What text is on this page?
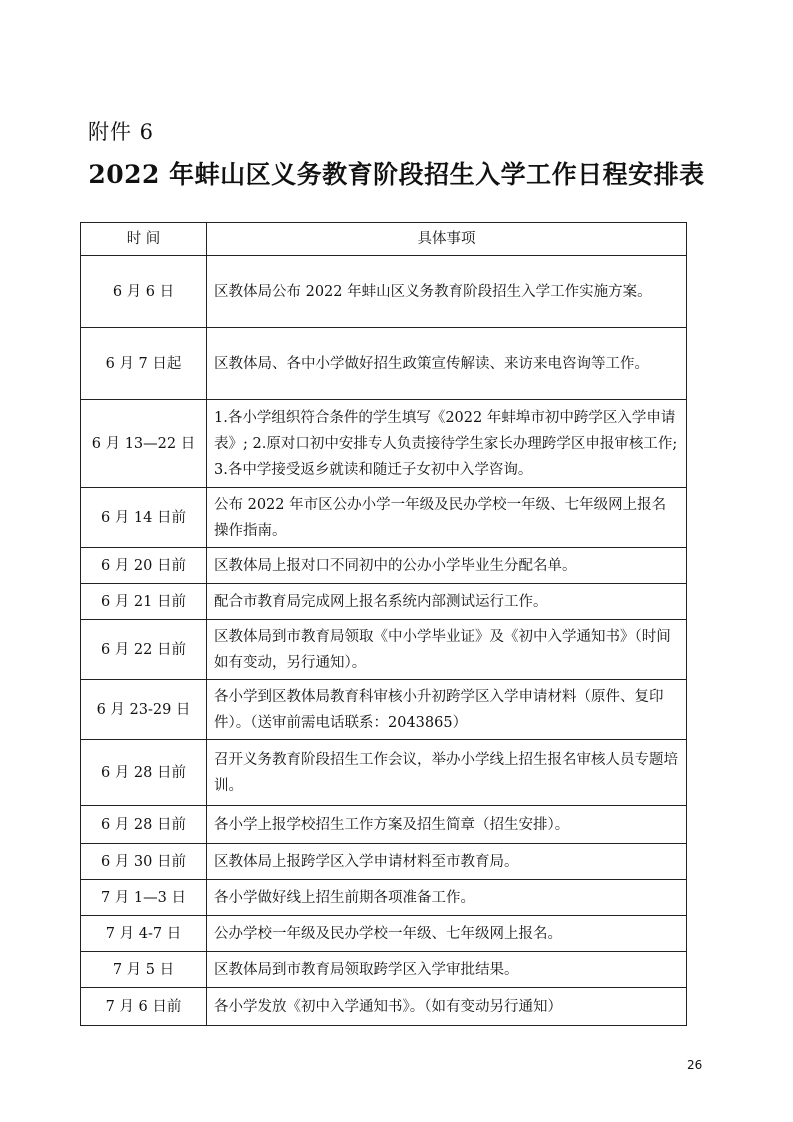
附件 6
2022 年蚌山区义务教育阶段招生入学工作日程安排表
时 间	具体事项
6 月 6 日	区教体局公布 2022 年蚌山区义务教育阶段招生入学工作实施方案。
6 月 7 日起	区教体局、各中小学做好招生政策宣传解读、来访来电咨询等工作。
6 月 13—22 日	1.各小学组织符合条件的学生填写《2022 年蚌埠市初中跨学区入学申请表》; 2.原对口初中安排专人负责接待学生家长办理跨学区申报审核工作; 3.各中学接受返乡就读和随迁子女初中入学咨询。
6 月 14 日前	公布 2022 年市区公办小学一年级及民办学校一年级、七年级网上报名操作指南。
6 月 20 日前	区教体局上报对口不同初中的公办小学毕业生分配名单。
6 月 21 日前	配合市教育局完成网上报名系统内部测试运行工作。
6 月 22 日前	区教体局到市教育局领取《中小学毕业证》及《初中入学通知书》（时间如有变动，另行通知）。
6 月 23-29 日	各小学到区教体局教育科审核小升初跨学区入学申请材料（原件、复印件）。（送审前需电话联系：2043865）
6 月 28 日前	召开义务教育阶段招生工作会议，举办小学线上招生报名审核人员专题培训。
6 月 28 日前	各小学上报学校招生工作方案及招生简章（招生安排）。
6 月 30 日前	区教体局上报跨学区入学申请材料至市教育局。
7 月 1—3 日	各小学做好线上招生前期各项准备工作。
7 月 4-7 日	公办学校一年级及民办学校一年级、七年级网上报名。
7 月 5 日	区教体局到市教育局领取跨学区入学审批结果。
7 月 6 日前	各小学发放《初中入学通知书》。（如有变动另行通知）
26
